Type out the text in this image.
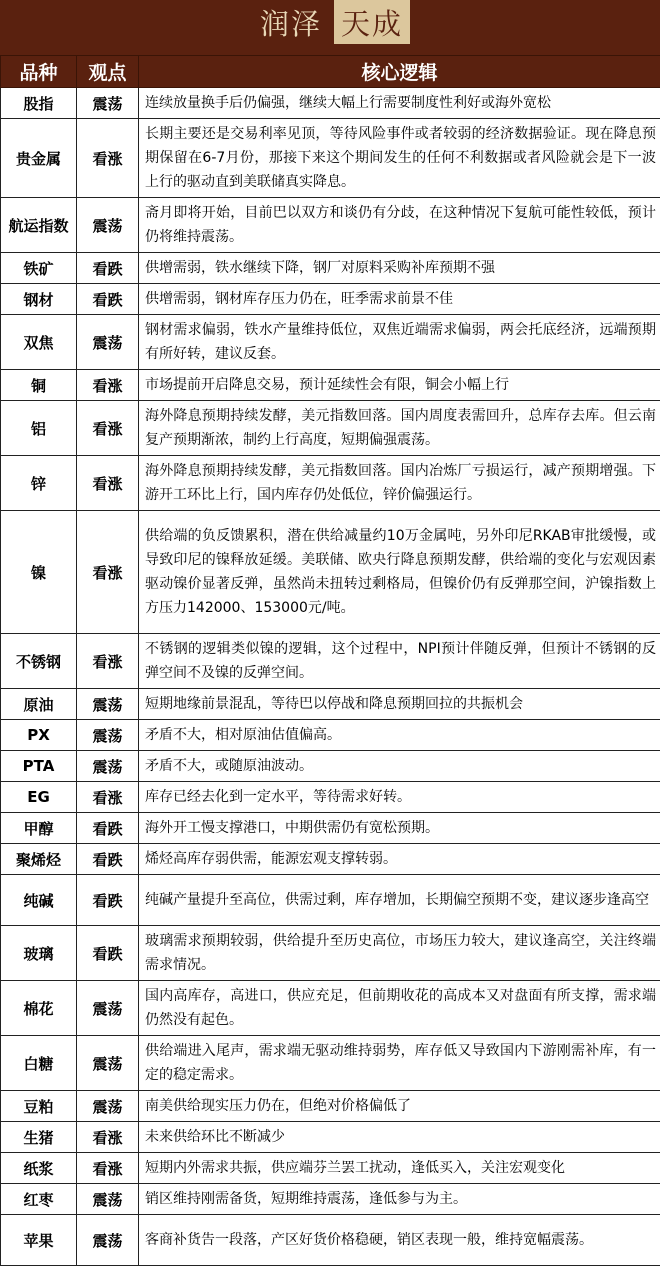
润泽 天成
品种	观点	核心逻辑
股指	震荡	连续放量换手后仍偏强，继续大幅上行需要制度性利好或海外宽松
贵金属	看涨	长期主要还是交易利率见顶，等待风险事件或者较弱的经济数据验证。现在降息预期保留在6-7月份，那接下来这个期间发生的任何不利数据或者风险就会是下一波上行的驱动直到美联储真实降息。
航运指数	震荡	斋月即将开始，目前巴以双方和谈仍有分歧，在这种情况下复航可能性较低，预计仍将维持震荡。
铁矿	看跌	供增需弱，铁水继续下降，钢厂对原料采购补库预期不强
钢材	看跌	供增需弱，钢材库存压力仍在，旺季需求前景不佳
双焦	震荡	钢材需求偏弱，铁水产量维持低位，双焦近端需求偏弱，两会托底经济，远端预期有所好转，建议反套。
铜	看涨	市场提前开启降息交易，预计延续性会有限，铜会小幅上行
铝	看涨	海外降息预期持续发酵，美元指数回落。国内周度表需回升，总库存去库。但云南复产预期渐浓，制约上行高度，短期偏强震荡。
锌	看涨	海外降息预期持续发酵，美元指数回落。国内冶炼厂亏损运行，减产预期增强。下游开工环比上行，国内库存仍处低位，锌价偏强运行。
镍	看涨	供给端的负反馈累积，潜在供给减量约10万金属吨，另外印尼RKAB审批缓慢，或导致印尼的镍释放延缓。美联储、欧央行降息预期发酵，供给端的变化与宏观因素驱动镍价显著反弹，虽然尚未扭转过剩格局，但镍价仍有反弹那空间，沪镍指数上方压力142000、153000元/吨。
不锈钢	看涨	不锈钢的逻辑类似镍的逻辑，这个过程中，NPI预计伴随反弹，但预计不锈钢的反弹空间不及镍的反弹空间。
原油	震荡	短期地缘前景混乱，等待巴以停战和降息预期回拉的共振机会
PX	震荡	矛盾不大，相对原油估值偏高。
PTA	震荡	矛盾不大，或随原油波动。
EG	看涨	库存已经去化到一定水平，等待需求好转。
甲醇	看跌	海外开工慢支撑港口，中期供需仍有宽松预期。
聚烯烃	看跌	烯烃高库存弱供需，能源宏观支撑转弱。
纯碱	看跌	纯碱产量提升至高位，供需过剩，库存增加，长期偏空预期不变，建议逐步逢高空
玻璃	看跌	玻璃需求预期较弱，供给提升至历史高位，市场压力较大，建议逢高空，关注终端需求情况。
棉花	震荡	国内高库存，高进口，供应充足，但前期收花的高成本又对盘面有所支撑，需求端仍然没有起色。
白糖	震荡	供给端进入尾声，需求端无驱动维持弱势，库存低又导致国内下游刚需补库，有一定的稳定需求。
豆粕	震荡	南美供给现实压力仍在，但绝对价格偏低了
生猪	看涨	未来供给环比不断减少
纸浆	看涨	短期内外需求共振，供应端芬兰罢工扰动，逢低买入，关注宏观变化
红枣	震荡	销区维持刚需备货，短期维持震荡，逢低参与为主。
苹果	震荡	客商补货告一段落，产区好货价格稳硬，销区表现一般，维持宽幅震荡。
